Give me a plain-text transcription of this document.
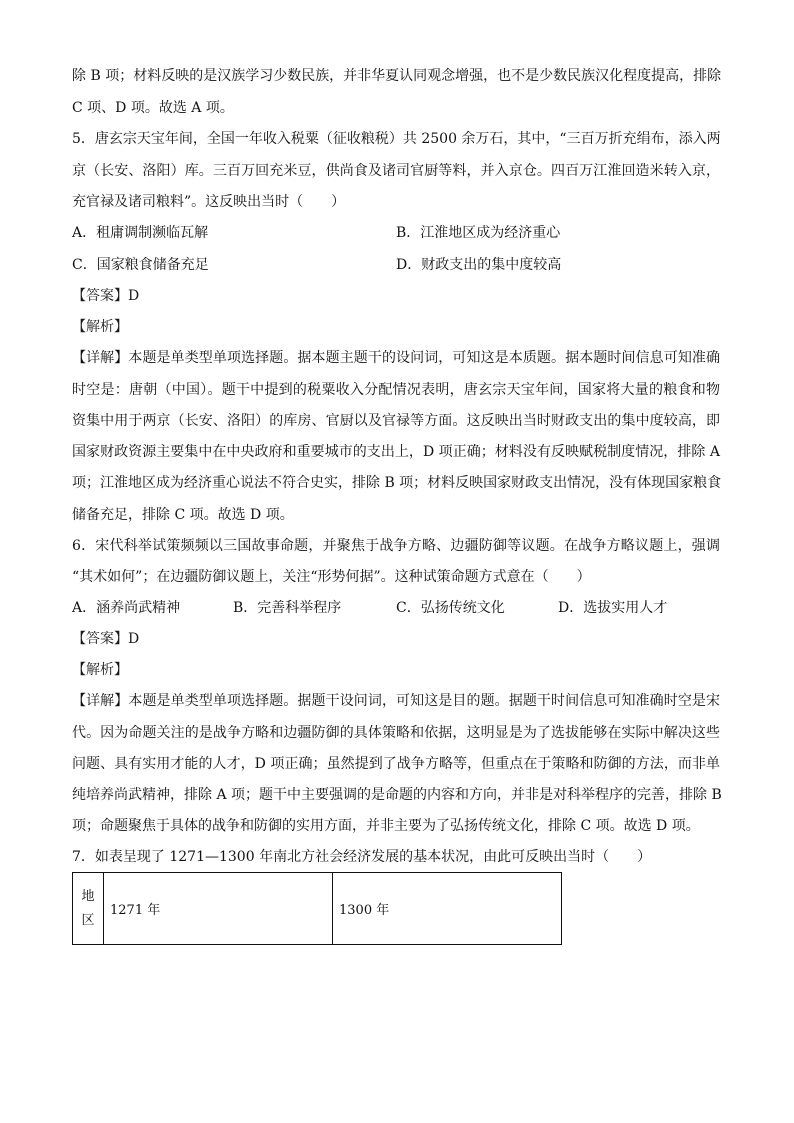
除 B 项；材料反映的是汉族学习少数民族，并非华夏认同观念增强，也不是少数民族汉化程度提高，排除
C 项、D 项。故选 A 项。
5．唐玄宗天宝年间，全国一年收入税粟（征收粮税）共 2500 余万石，其中，“三百万折充绢布，添入两
京（长安、洛阳）库。三百万回充米豆，供尚食及诸司官厨等料，并入京仓。四百万江淮回造米转入京，
充官禄及诸司粮料”。这反映出当时（　　）
A．租庸调制濒临瓦解	B．江淮地区成为经济重心
C．国家粮食储备充足	D．财政支出的集中度较高
【答案】D
【解析】
【详解】本题是单类型单项选择题。据本题主题干的设问词，可知这是本质题。据本题时间信息可知准确
时空是：唐朝（中国）。题干中提到的税粟收入分配情况表明，唐玄宗天宝年间，国家将大量的粮食和物
资集中用于两京（长安、洛阳）的库房、官厨以及官禄等方面。这反映出当时财政支出的集中度较高，即
国家财政资源主要集中在中央政府和重要城市的支出上，D 项正确；材料没有反映赋税制度情况，排除 A
项；江淮地区成为经济重心说法不符合史实，排除 B 项；材料反映国家财政支出情况，没有体现国家粮食
储备充足，排除 C 项。故选 D 项。
6．宋代科举试策频频以三国故事命题，并聚焦于战争方略、边疆防御等议题。在战争方略议题上，强调
“其术如何”；在边疆防御议题上，关注“形势何据”。这种试策命题方式意在（　　）
A．涵养尚武精神	B．完善科举程序	C．弘扬传统文化	D．选拔实用人才
【答案】D
【解析】
【详解】本题是单类型单项选择题。据题干设问词，可知这是目的题。据题干时间信息可知准确时空是宋
代。因为命题关注的是战争方略和边疆防御的具体策略和依据，这明显是为了选拔能够在实际中解决这些
问题、具有实用才能的人才，D 项正确；虽然提到了战争方略等，但重点在于策略和防御的方法，而非单
纯培养尚武精神，排除 A 项；题干中主要强调的是命题的内容和方向，并非是对科举程序的完善，排除 B
项；命题聚焦于具体的战争和防御的实用方面，并非主要为了弘扬传统文化，排除 C 项。故选 D 项。
7．如表呈现了 1271—1300 年南北方社会经济发展的基本状况，由此可反映出当时（　　）
地
区
	1271 年	1300 年
